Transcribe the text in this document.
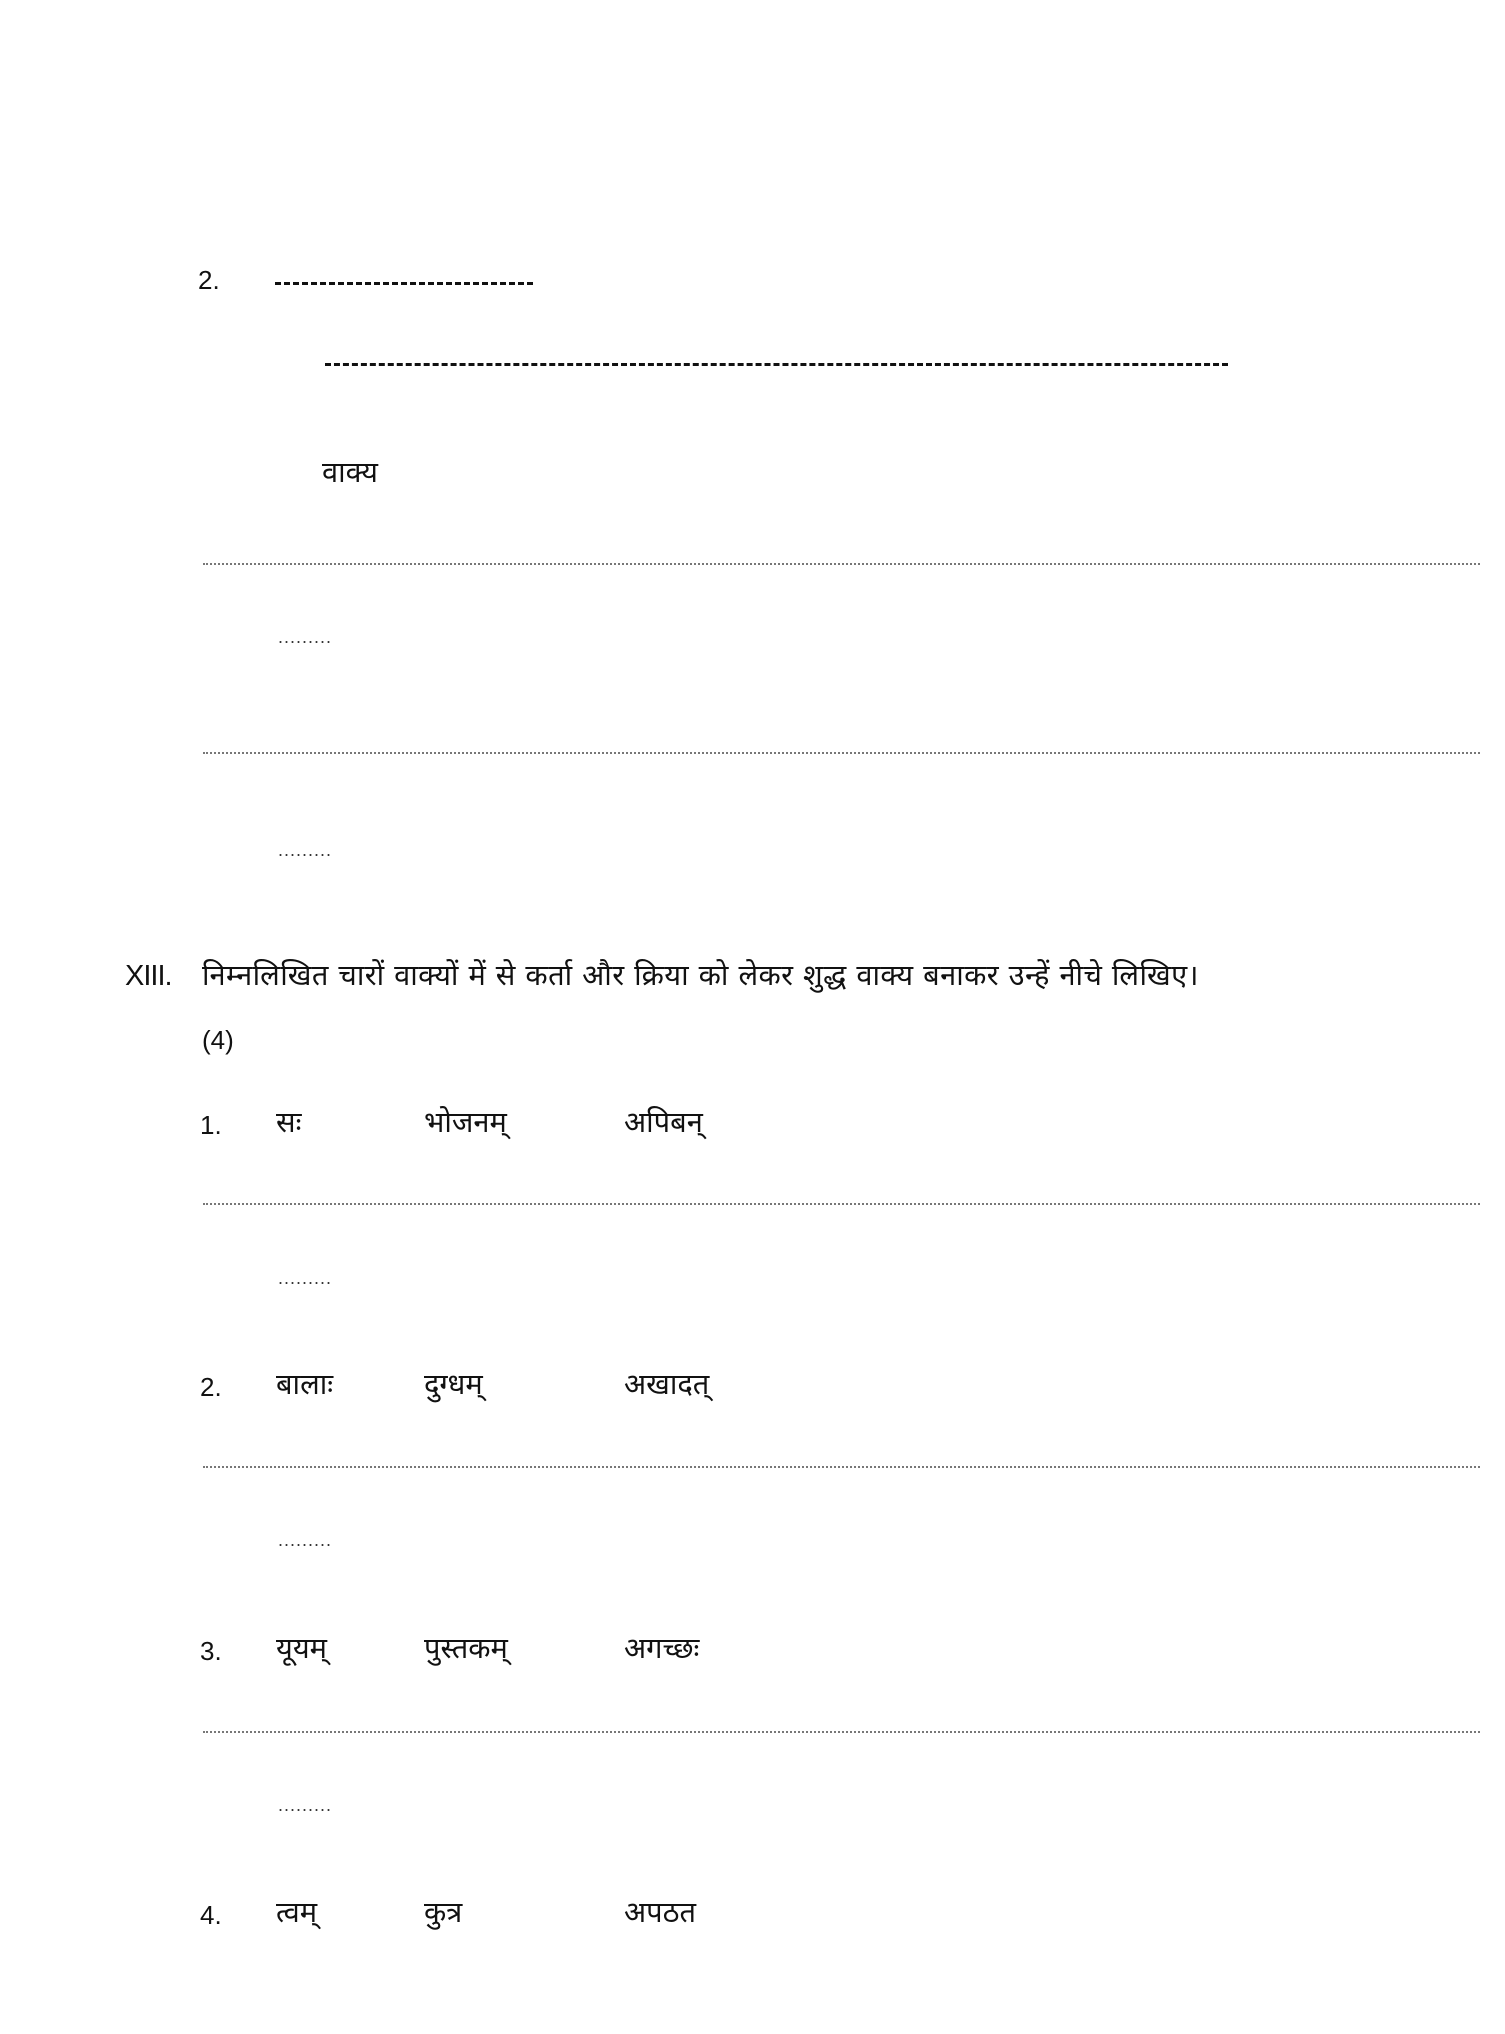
2.
वाक्य
.........
.........
XIII. निम्नलिखित चारों वाक्यों में से कर्ता और क्रिया को लेकर शुद्ध वाक्य बनाकर उन्हें नीचे लिखिए।
(4)
1. सः	भोजनम्	अपिबन्
.........
2. बालाः	दुग्धम्	अखादत्
.........
3. यूयम्	पुस्तकम्	अगच्छः
.........
4. त्वम्	कुत्र	अपठत
